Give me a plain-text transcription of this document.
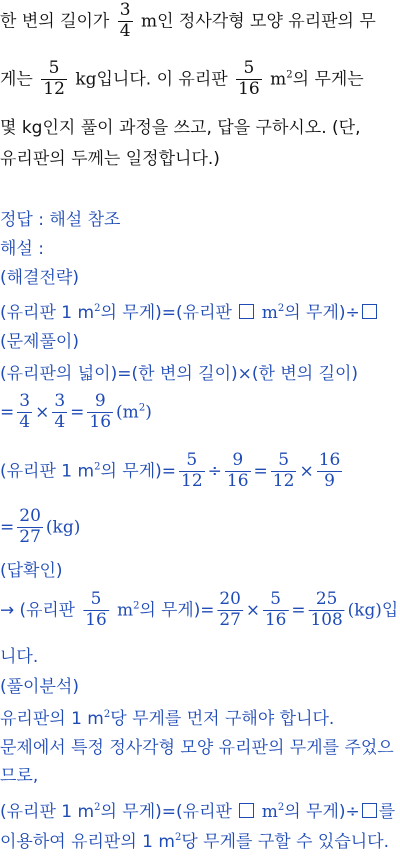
한 변의 길이가 $\frac{3}{4}$ m인 정사각형 모양 유리판의 무
게는 $\frac{5}{12}$ kg입니다. 이 유리판 $\frac{5}{16} m^2$의 무게는
몇 kg인지 풀이 과정을 쓰고, 답을 구하시오. (단,
유리판의 두께는 일정합니다.)
정답 : 해설 참조
해설 :
(해결전략)
(유리판 1 $m^2$의 무게)=(유리판 $m^2$의 무게)÷
(문제풀이)
(유리판의 넓이)=(한 변의 길이)×(한 변의 길이)
= $\frac{3}{4} \times \frac{3}{4} = \frac{9}{16} (m^2)$
(유리판 1 $m^2$의 무게)= $\frac{5}{12} \div \frac{9}{16} = \frac{5}{12} \times \frac{16}{9}$
= $\frac{20}{27} (kg)$
(답확인)
→ (유리판 $\frac{5}{16} m^2$의 무게)= $\frac{20}{27} \times \frac{5}{16} = \frac{25}{108} (kg)$입
니다.
(풀이분석)
유리판의 1 $m^2$당 무게를 먼저 구해야 합니다.
문제에서 특정 정사각형 모양 유리판의 무게를 주었으
므로,
(유리판 1 $m^2$의 무게)=(유리판 $m^2$의 무게)÷ 를
이용하여 유리판의 1 $m^2$당 무게를 구할 수 있습니다.
